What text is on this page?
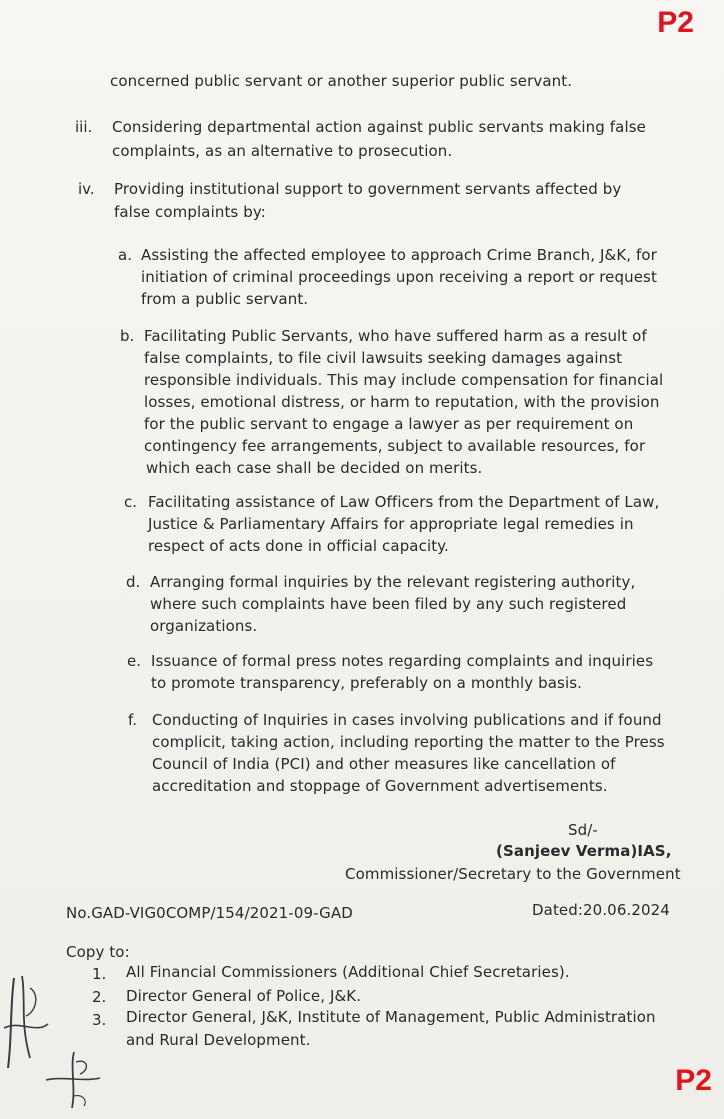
P2
concerned public servant or another superior public servant.
iii. Considering departmental action against public servants making false
complaints, as an alternative to prosecution.
iv. Providing institutional support to government servants affected by
false complaints by:
a. Assisting the affected employee to approach Crime Branch, J&K, for
initiation of criminal proceedings upon receiving a report or request
from a public servant.
b. Facilitating Public Servants, who have suffered harm as a result of
false complaints, to file civil lawsuits seeking damages against
responsible individuals. This may include compensation for financial
losses, emotional distress, or harm to reputation, with the provision
for the public servant to engage a lawyer as per requirement on
contingency fee arrangements, subject to available resources, for
which each case shall be decided on merits.
c. Facilitating assistance of Law Officers from the Department of Law,
Justice & Parliamentary Affairs for appropriate legal remedies in
respect of acts done in official capacity.
d. Arranging formal inquiries by the relevant registering authority,
where such complaints have been filed by any such registered
organizations.
e. Issuance of formal press notes regarding complaints and inquiries
to promote transparency, preferably on a monthly basis.
f. Conducting of Inquiries in cases involving publications and if found
complicit, taking action, including reporting the matter to the Press
Council of India (PCI) and other measures like cancellation of
accreditation and stoppage of Government advertisements.
Sd/-
(Sanjeev Verma)IAS,
Commissioner/Secretary to the Government
No.GAD-VIG0COMP/154/2021-09-GAD	Dated:20.06.2024
Copy to:
1. All Financial Commissioners (Additional Chief Secretaries).
2. Director General of Police, J&K.
3. Director General, J&K, Institute of Management, Public Administration
and Rural Development.
P2
